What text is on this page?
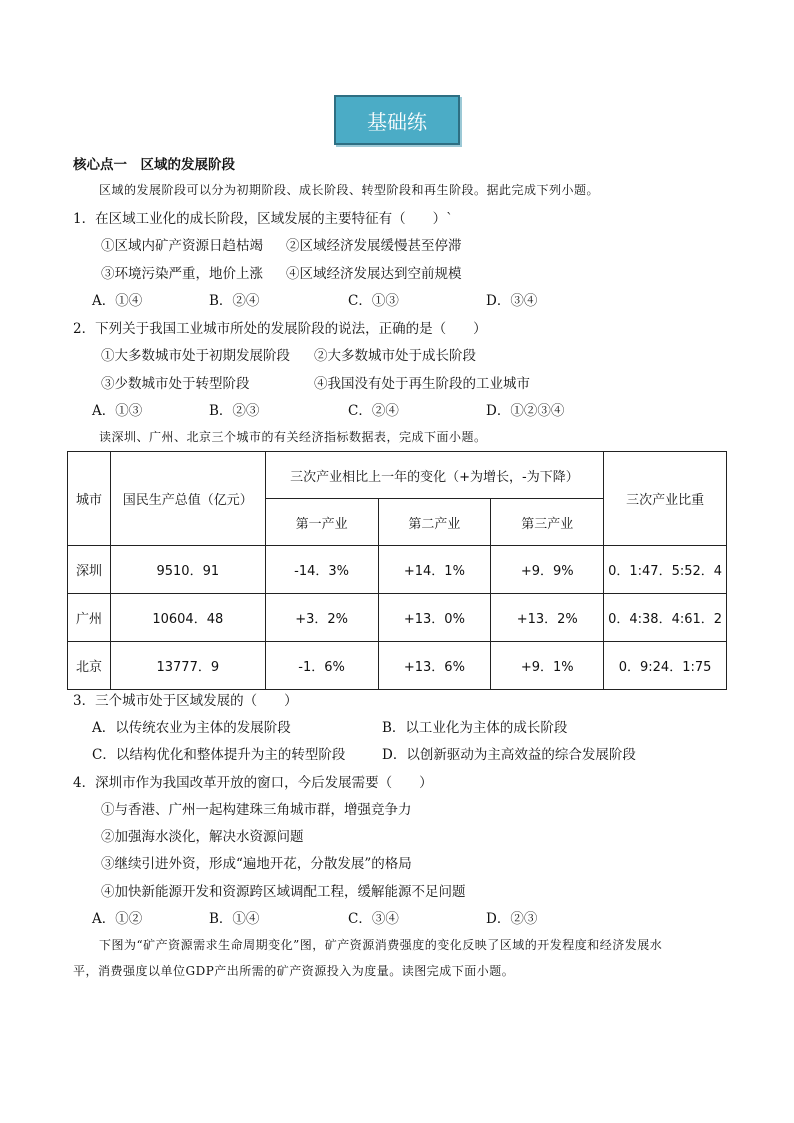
基础练
核心点一　区域的发展阶段
区域的发展阶段可以分为初期阶段、成长阶段、转型阶段和再生阶段。据此完成下列小题。
1．在区域工业化的成长阶段，区域发展的主要特征有（　　）`
①区域内矿产资源日趋枯竭 ②区域经济发展缓慢甚至停滞
③环境污染严重，地价上涨 ④区域经济发展达到空前规模
A．①④	B．②④	C．①③	D．③④
2．下列关于我国工业城市所处的发展阶段的说法，正确的是（　　）
①大多数城市处于初期发展阶段 ②大多数城市处于成长阶段
③少数城市处于转型阶段	④我国没有处于再生阶段的工业城市
A．①③	B．②③	C．②④	D．①②③④
读深圳、广州、北京三个城市的有关经济指标数据表，完成下面小题。
城市	国民生产总值（亿元）	三次产业相比上一年的变化（+为增长，-为下降）			三次产业比重
		第一产业	第二产业	第三产业	
深圳	9510．91	-14．3%	+14．1%	+9．9%	0．1:47．5:52．4
广州	10604．48	+3．2%	+13．0%	+13．2%	0．4:38．4:61．2
北京	13777．9	-1．6%	+13．6%	+9．1%	0．9:24．1:75
3．三个城市处于区域发展的（　　）
A．以传统农业为主体的发展阶段	B．以工业化为主体的成长阶段
C．以结构优化和整体提升为主的转型阶段	D．以创新驱动为主高效益的综合发展阶段
4．深圳市作为我国改革开放的窗口，今后发展需要（　　）
①与香港、广州一起构建珠三角城市群，增强竞争力
②加强海水淡化，解决水资源问题
③继续引进外资，形成“遍地开花，分散发展”的格局
④加快新能源开发和资源跨区域调配工程，缓解能源不足问题
A．①②	B．①④	C．③④	D．②③
下图为“矿产资源需求生命周期变化”图，矿产资源消费强度的变化反映了区域的开发程度和经济发展水
平，消费强度以单位GDP产出所需的矿产资源投入为度量。读图完成下面小题。
